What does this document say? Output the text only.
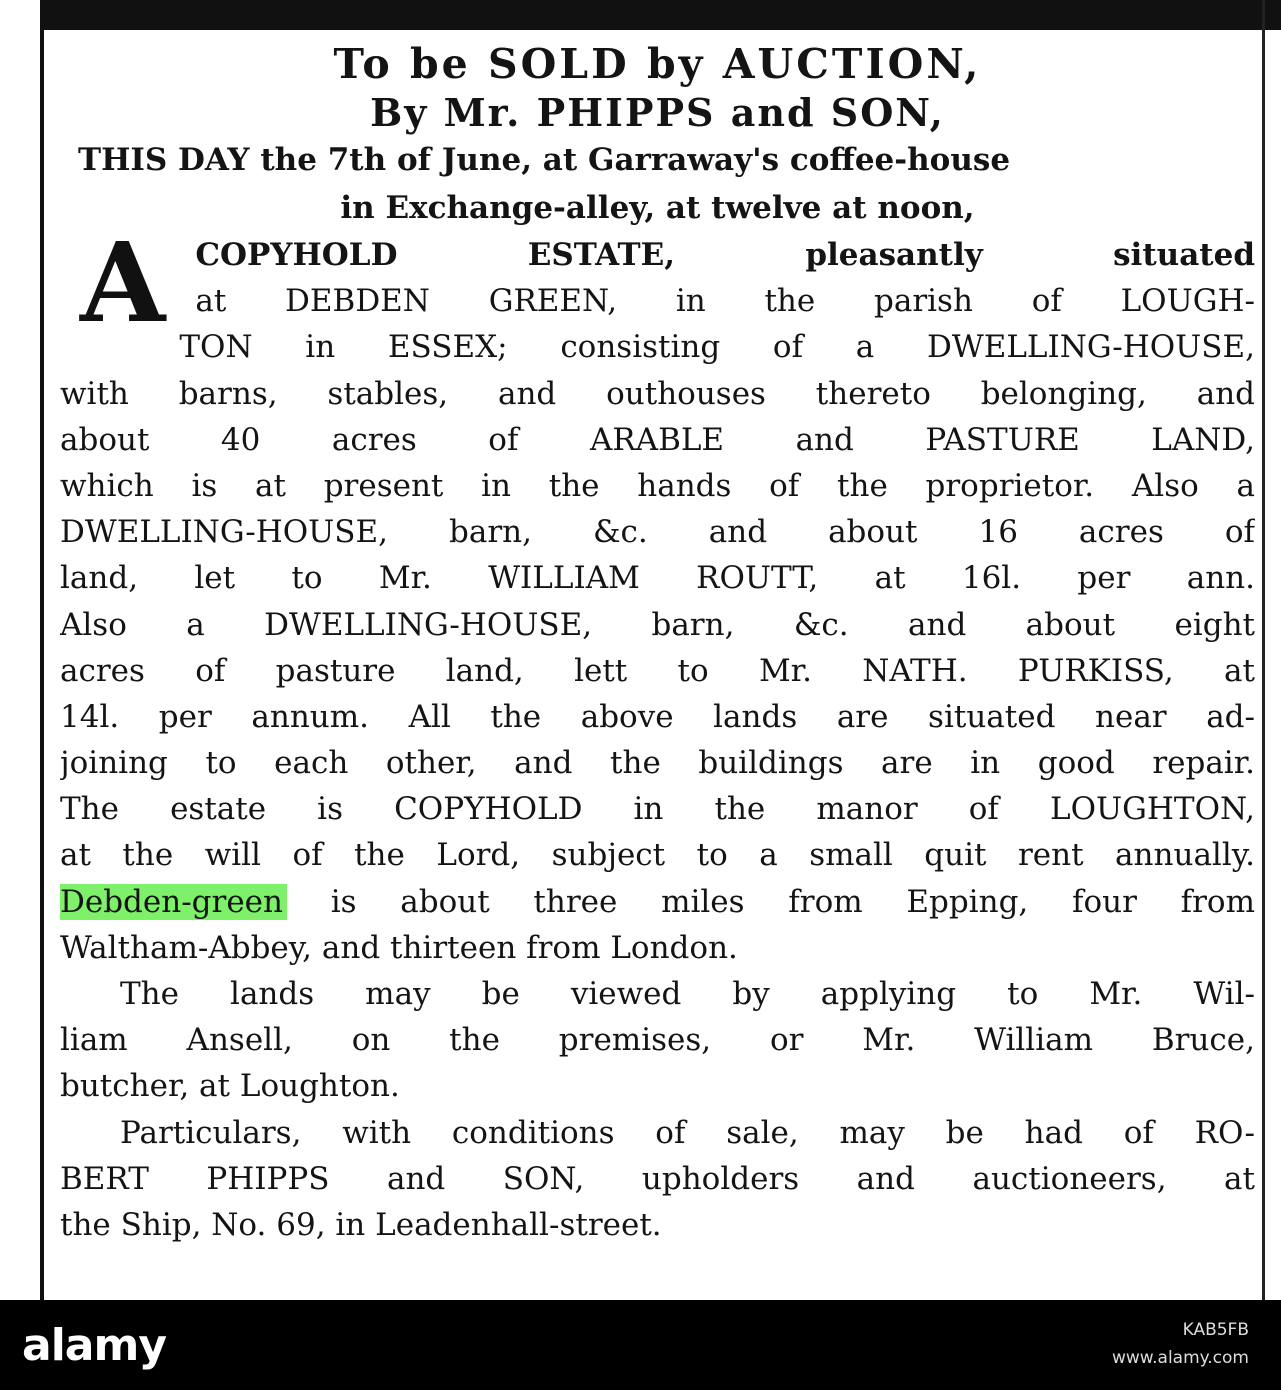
To be SOLD by AUCTION,
By Mr. PHIPPS and SON,
THIS DAY the 7th of June, at Garraway's coffee-house
in Exchange-alley, at twelve at noon,
A COPYHOLD ESTATE, pleasantly situated
at DEBDEN GREEN, in the parish of LOUGH-
TON in ESSEX; consisting of a DWELLING-HOUSE,
with barns, stables, and outhouses thereto belonging, and
about 40 acres of ARABLE and PASTURE LAND,
which is at present in the hands of the proprietor. Also a
DWELLING-HOUSE, barn, &c. and about 16 acres of
land, let to Mr. WILLIAM ROUTT, at 16l. per ann.
Also a DWELLING-HOUSE, barn, &c. and about eight
acres of pasture land, lett to Mr. NATH. PURKISS, at
14l. per annum. All the above lands are situated near ad-
joining to each other, and the buildings are in good repair.
The estate is COPYHOLD in the manor of LOUGHTON,
at the will of the Lord, subject to a small quit rent annually.
Debden-green is about three miles from Epping, four from
Waltham-Abbey, and thirteen from London.
The lands may be viewed by applying to Mr. Wil-
liam Ansell, on the premises, or Mr. William Bruce,
butcher, at Loughton.
Particulars, with conditions of sale, may be had of RO-
BERT PHIPPS and SON, upholders and auctioneers, at
the Ship, No. 69, in Leadenhall-street.
alamy	KAB5FB
www.alamy.com
